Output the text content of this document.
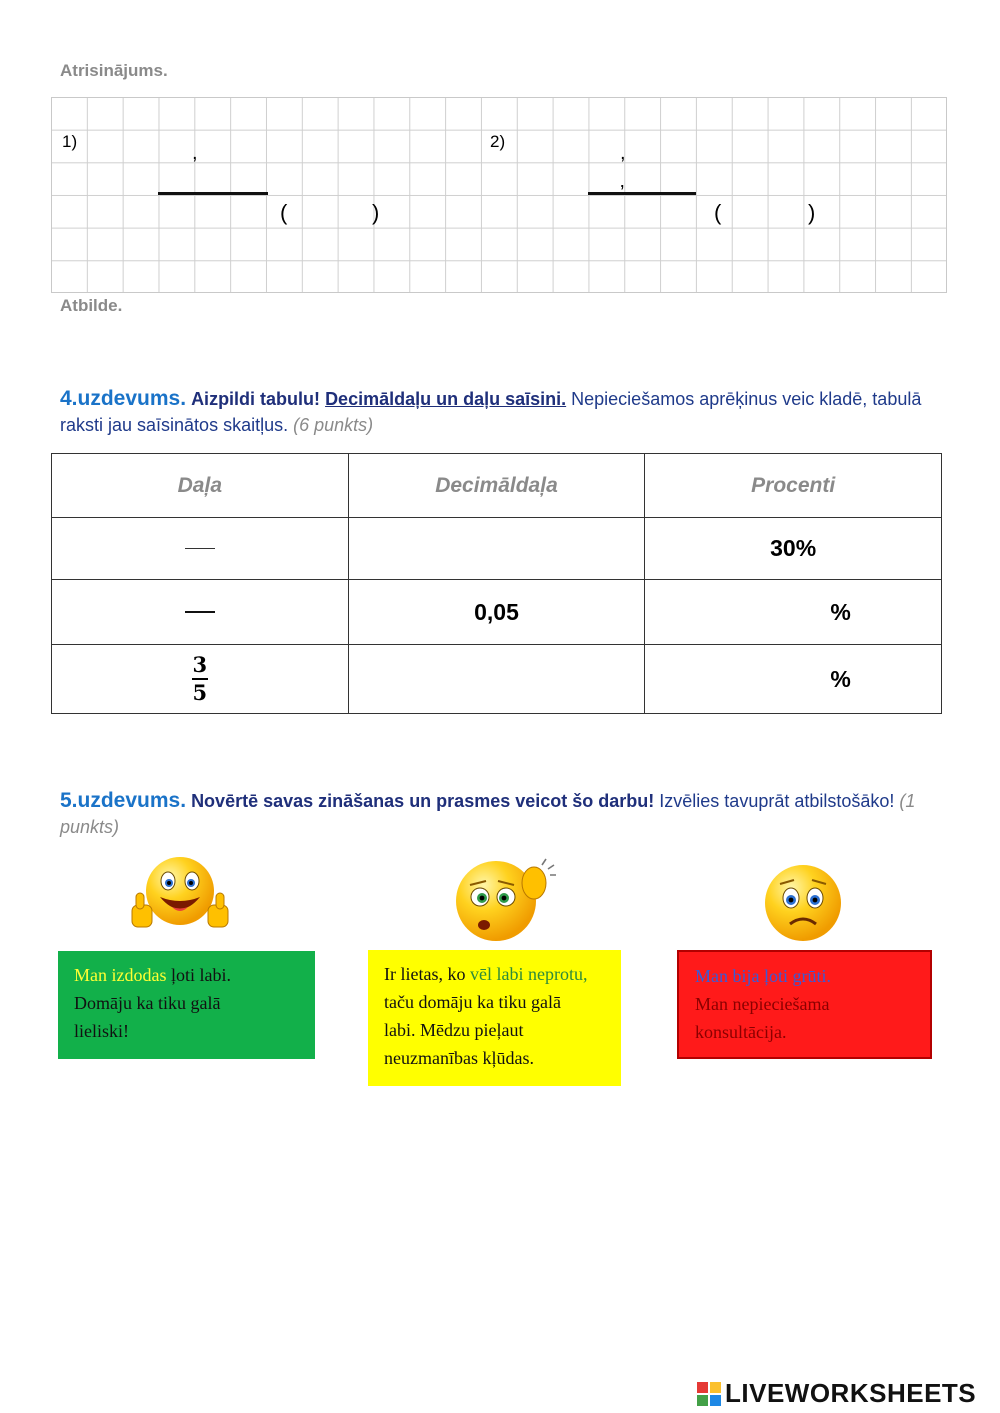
Atrisinājums.
1)
,
(	)
2)
,
‚
(	)
Atbilde.
4.uzdevums. Aizpildi tabulu! Decimāldaļu un daļu saīsini. Nepieciešamos aprēķinus veic kladē, tabulā raksti jau saīsinātos skaitļus. (6 punkts)
Daļa	Decimāldaļa	Procenti
		30%
	0,05	%

$\frac{3}{5}$		%
5.uzdevums. Novērtē savas zināšanas un prasmes veicot šo darbu! Izvēlies tavuprāt atbilstošāko! (1 punkts)
Man izdodas ļoti labi.
Domāju ka tiku galā
lieliski!
Ir lietas, ko vēl labi neprotu,
taču domāju ka tiku galā
labi. Mēdzu pieļaut
neuzmanības kļūdas.
Man bija ļoti grūti.
Man nepieciešama
konsultācija.
LIVEWORKSHEETS
